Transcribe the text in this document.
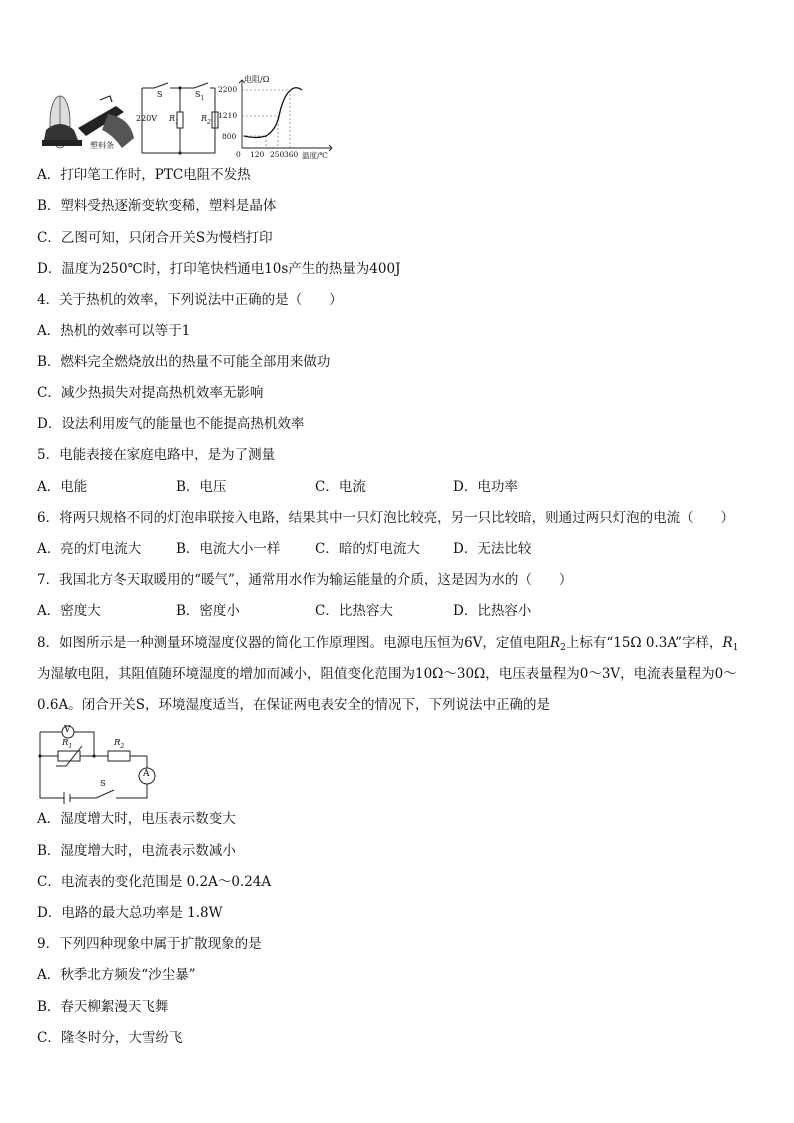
塑料条
S	$S_1$
220V $R_1$	$R_2$
电阻/Ω
2200
1210
800
0 120 250 360 温度/℃
A．打印笔工作时，PTC电阻不发热
B．塑料受热逐渐变软变稀，塑料是晶体
C．乙图可知，只闭合开关S为慢档打印
D．温度为250℃时，打印笔快档通电10s产生的热量为400J
4．关于热机的效率，下列说法中正确的是（　　）
A．热机的效率可以等于1
B．燃料完全燃烧放出的热量不可能全部用来做功
C．减少热损失对提高热机效率无影响
D．设法利用废气的能量也不能提高热机效率
5．电能表接在家庭电路中，是为了测量
A．电能	B．电压	C．电流	D．电功率
6．将两只规格不同的灯泡串联接入电路，结果其中一只灯泡比较亮，另一只比较暗，则通过两只灯泡的电流（　　）
A．亮的灯电流大	B．电流大小一样	C．暗的灯电流大 D．无法比较
7．我国北方冬天取暖用的“暖气”，通常用水作为输运能量的介质，这是因为水的（　　）
A．密度大	B．密度小	C．比热容大	D．比热容小
8．如图所示是一种测量环境湿度仪器的简化工作原理图。电源电压恒为6V，定值电阻$R_2$上标有“15Ω 0.3A”字样，$R_1$
为湿敏电阻，其阻值随环境湿度的增加而减小，阻值变化范围为10Ω～30Ω，电压表量程为0～3V，电流表量程为0～
0.6A。闭合开关S，环境湿度适当，在保证两电表安全的情况下，下列说法中正确的是
V
A
$R_1$	$R_2$
S
A．湿度增大时，电压表示数变大
B．湿度增大时，电流表示数减小
C．电流表的变化范围是 0.2A～0.24A
D．电路的最大总功率是 1.8W
9．下列四种现象中属于扩散现象的是
A．秋季北方频发“沙尘暴”
B．春天柳絮漫天飞舞
C．隆冬时分，大雪纷飞
